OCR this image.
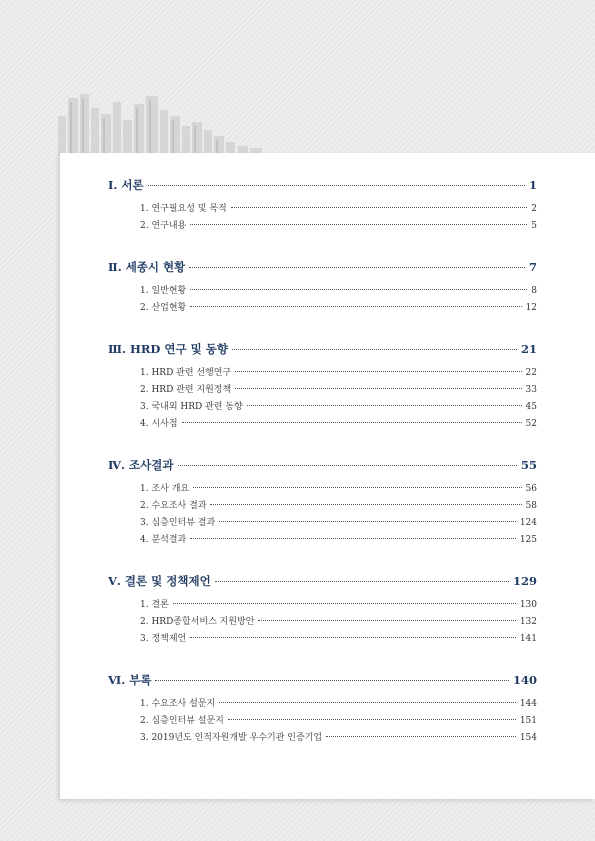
Ⅰ. 서론	1
1. 연구필요성 및 목적	2
2. 연구내용	5
Ⅱ. 세종시 현황	7
1. 일반현황	8
2. 산업현황	12
Ⅲ. HRD 연구 및 동향	21
1. HRD 관련 선행연구	22
2. HRD 관련 지원정책	33
3. 국내외 HRD 관련 동향	45
4. 시사점	52
Ⅳ. 조사결과	55
1. 조사 개요	56
2. 수요조사 결과	58
3. 심층인터뷰 결과	124
4. 분석결과	125
Ⅴ. 결론 및 정책제언	129
1. 결론	130
2. HRD종합서비스 지원방안	132
3. 정책제언	141
Ⅵ. 부록	140
1. 수요조사 설문지	144
2. 심층인터뷰 설문지	151
3. 2019년도 인적자원개발 우수기관 인증기업	154
